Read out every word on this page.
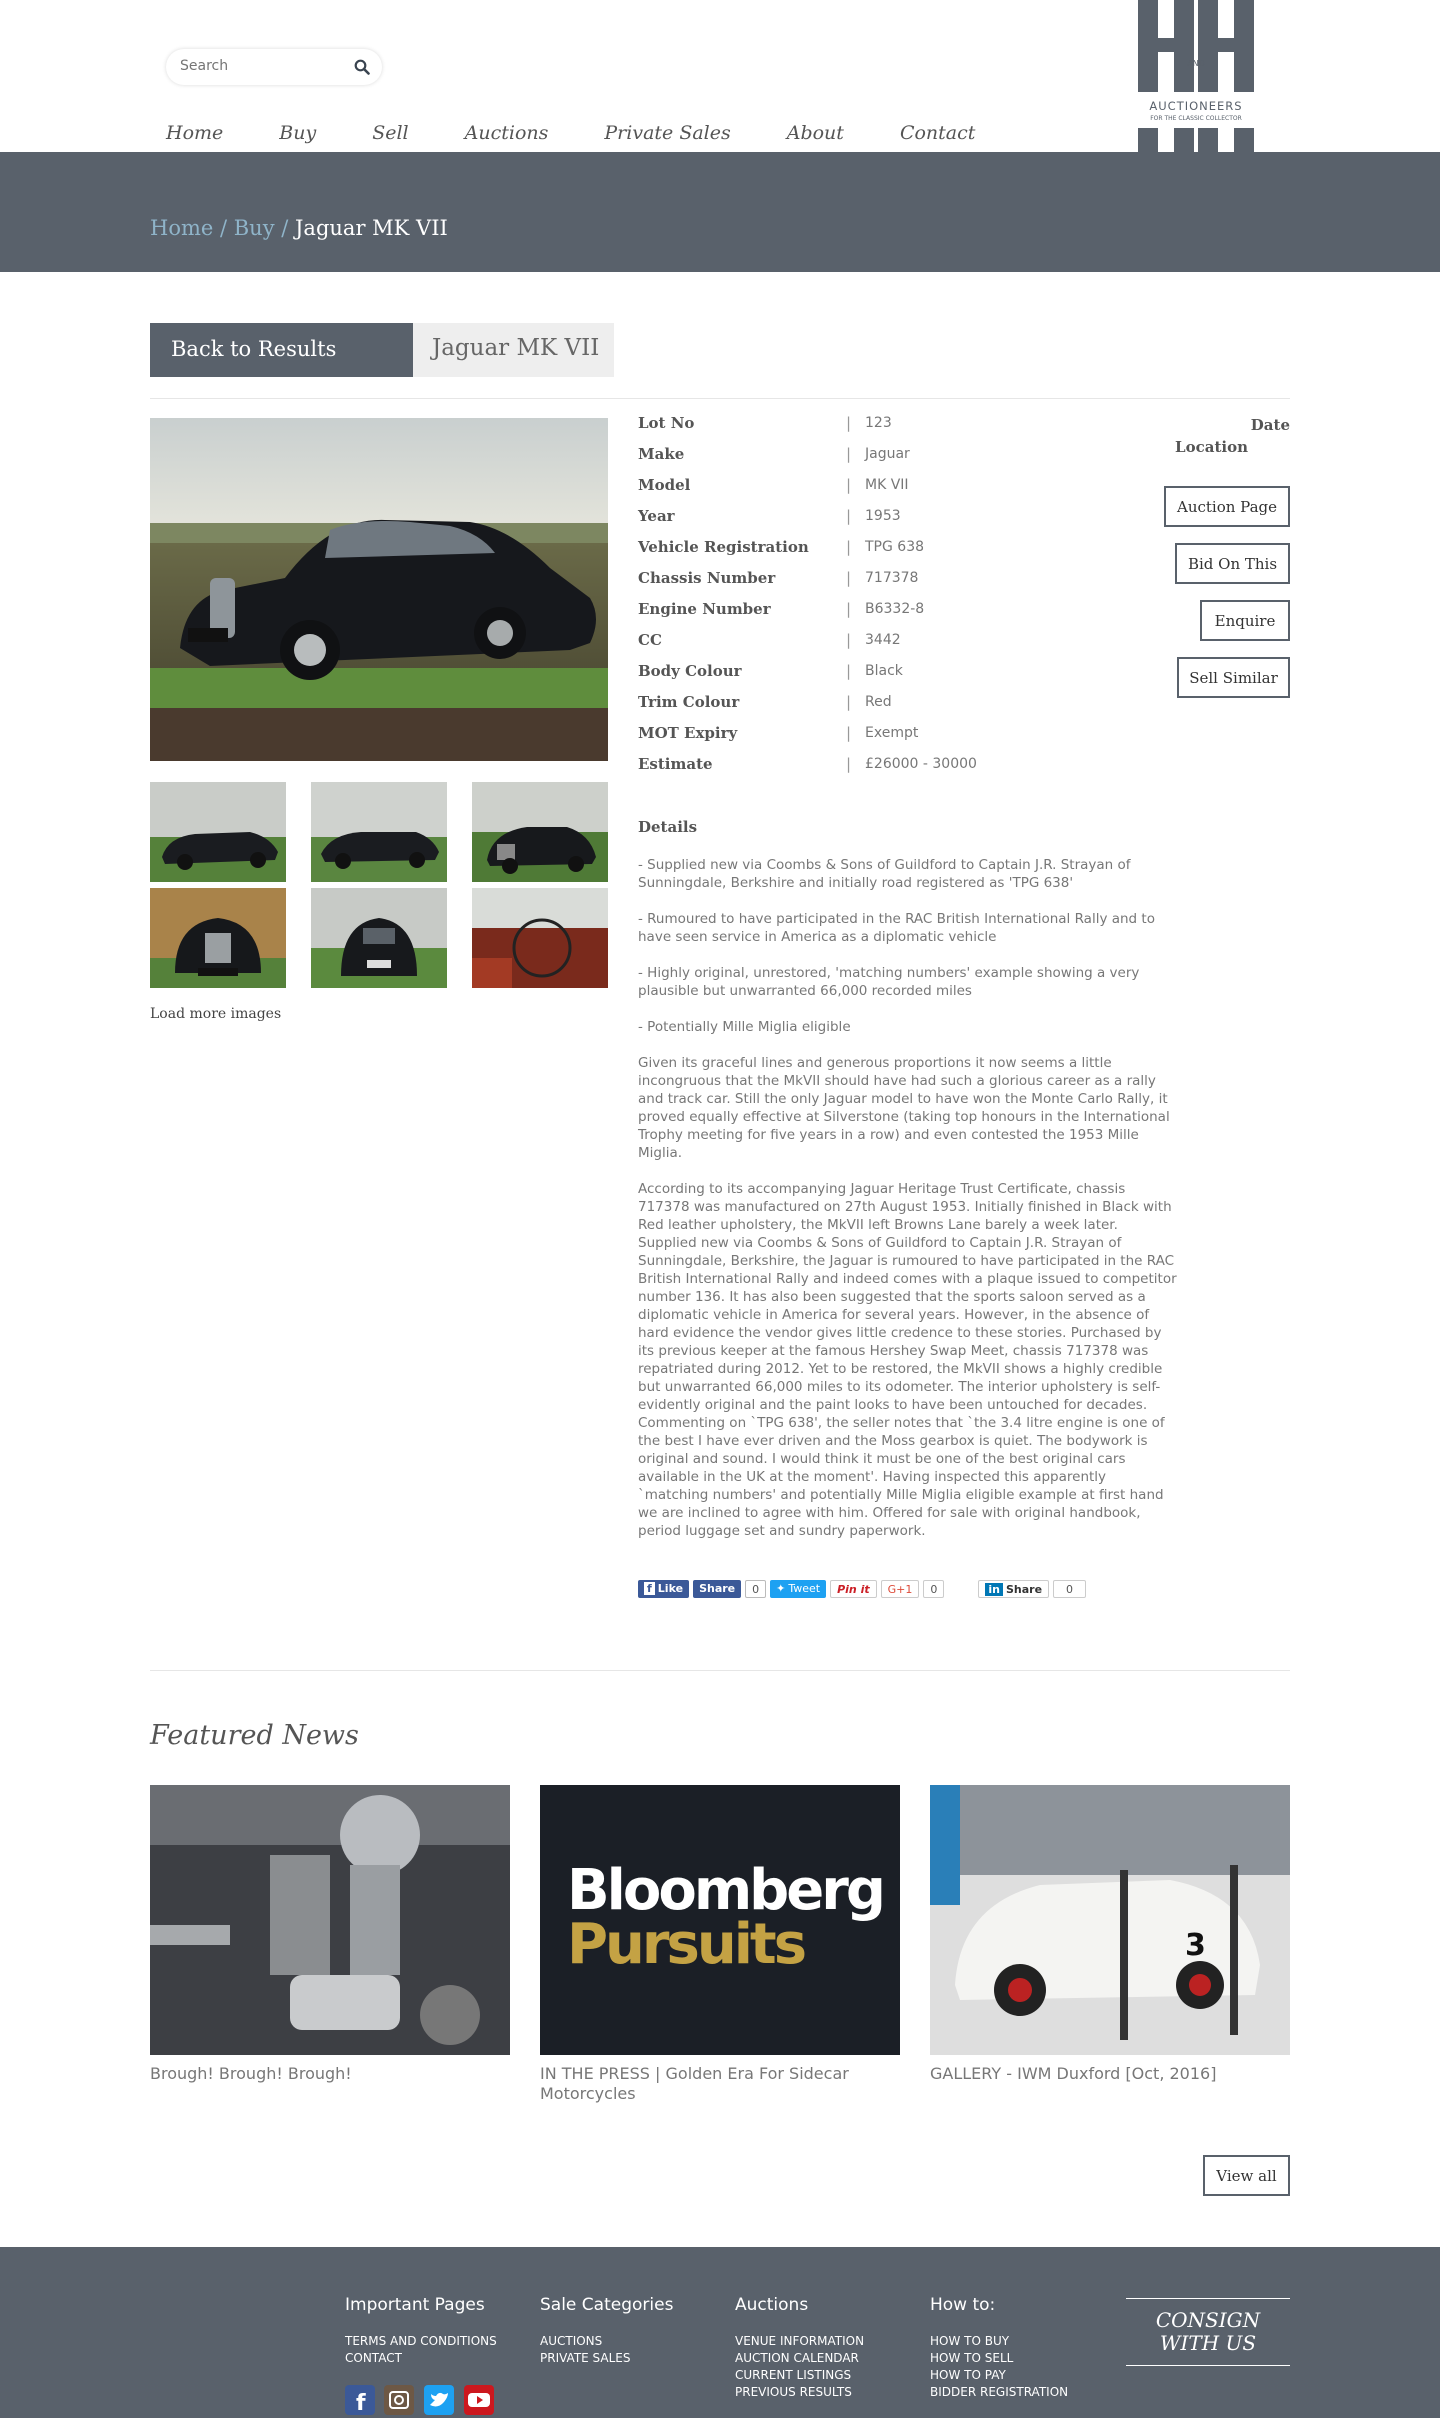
Search
AND
AUCTIONEERS
FOR THE CLASSIC COLLECTOR
Home	Buy	Sell	Auctions	Private Sales	About	Contact
Home / Buy / Jaguar MK VII
Back to Results	Jaguar MK VII
Load more images
Lot No	| 123
Make	| Jaguar
Model	| MK VII
Year	| 1953
Vehicle Registration | TPG 638
Chassis Number	| 717378
Engine Number	| B6332-8
CC	| 3442
Body Colour	| Black
Trim Colour	| Red
MOT Expiry	| Exempt
Estimate	| £26000 - 30000
Date
Location
Auction Page
Bid On This
Enquire
Sell Similar
Details

- Supplied new via Coombs & Sons of Guildford to Captain J.R. Strayan of Sunningdale, Berkshire and initially road registered as 'TPG 638'

- Rumoured to have participated in the RAC British International Rally and to have seen service in America as a diplomatic vehicle

- Highly original, unrestored, 'matching numbers' example showing a very plausible but unwarranted 66,000 recorded miles

- Potentially Mille Miglia eligible

Given its graceful lines and generous proportions it now seems a little incongruous that the MkVII should have had such a glorious career as a rally and track car. Still the only Jaguar model to have won the Monte Carlo Rally, it proved equally effective at Silverstone (taking top honours in the International Trophy meeting for five years in a row) and even contested the 1953 Mille Miglia.

According to its accompanying Jaguar Heritage Trust Certificate, chassis 717378 was manufactured on 27th August 1953. Initially finished in Black with Red leather upholstery, the MkVII left Browns Lane barely a week later. Supplied new via Coombs & Sons of Guildford to Captain J.R. Strayan of Sunningdale, Berkshire, the Jaguar is rumoured to have participated in the RAC British International Rally and indeed comes with a plaque issued to competitor number 136. It has also been suggested that the sports saloon served as a diplomatic vehicle in America for several years. However, in the absence of hard evidence the vendor gives little credence to these stories. Purchased by its previous keeper at the famous Hershey Swap Meet, chassis 717378 was repatriated during 2012. Yet to be restored, the MkVII shows a highly credible but unwarranted 66,000 miles to its odometer. The interior upholstery is self-evidently original and the paint looks to have been untouched for decades. Commenting on `TPG 638', the seller notes that `the 3.4 litre engine is one of the best I have ever driven and the Moss gearbox is quiet. The bodywork is original and sound. I would think it must be one of the best original cars available in the UK at the moment'. Having inspected this apparently `matching numbers' and potentially Mille Miglia eligible example at first hand we are inclined to agree with him. Offered for sale with original handbook, period luggage set and sundry paperwork.

f Like	Share	0	✦ Tweet	Pin it	G+1	0	in Share	0
Featured News
Bloomberg
Pursuits	3
Brough! Brough! Brough!	IN THE PRESS | Golden Era For Sidecar Motorcycles
GALLERY - IWM Duxford [Oct, 2016]
View all
Important Pages	Sale Categories	Auctions	How to:
TERMS AND CONDITIONS
CONTACT
AUCTIONS
PRIVATE SALES
VENUE INFORMATION
AUCTION CALENDAR
CURRENT LISTINGS
PREVIOUS RESULTS
HOW TO BUY
HOW TO SELL
HOW TO PAY
BIDDER REGISTRATION
CONSIGN
WITH US
f
